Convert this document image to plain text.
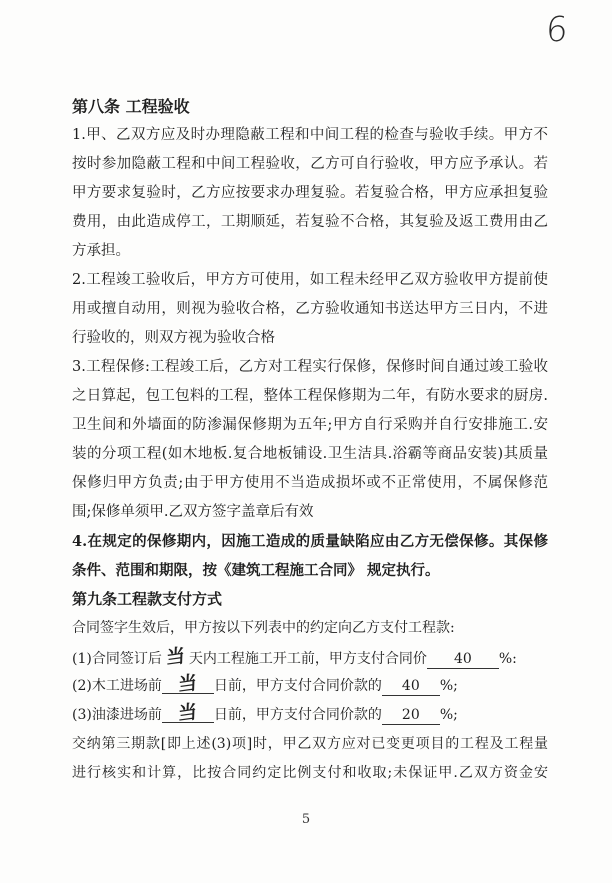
6
第八条 工程验收
1.甲、乙双方应及时办理隐蔽工程和中间工程的检查与验收手续。甲方不
按时参加隐蔽工程和中间工程验收，乙方可自行验收，甲方应予承认。若
甲方要求复验时，乙方应按要求办理复验。若复验合格，甲方应承担复验
费用，由此造成停工，工期顺延，若复验不合格，其复验及返工费用由乙
方承担。
2.工程竣工验收后，甲方方可使用，如工程未经甲乙双方验收甲方提前使
用或擅自动用，则视为验收合格，乙方验收通知书送达甲方三日内，不进
行验收的，则双方视为验收合格
3.工程保修:工程竣工后，乙方对工程实行保修，保修时间自通过竣工验收
之日算起，包工包料的工程，整体工程保修期为二年，有防水要求的厨房.
卫生间和外墙面的防渗漏保修期为五年;甲方自行采购并自行安排施工.安
装的分项工程(如木地板.复合地板铺设.卫生洁具.浴霸等商品安装)其质量
保修归甲方负责;由于甲方使用不当造成损坏或不正常使用，不属保修范
围;保修单须甲.乙双方签字盖章后有效
4.在规定的保修期内，因施工造成的质量缺陷应由乙方无偿保修。其保修
条件、范围和期限，按《建筑工程施工合同》 规定执行。
第九条工程款支付方式
合同签字生效后，甲方按以下列表中的约定向乙方支付工程款:
(1)合同签订后 当 天内工程施工开工前，甲方支付合同价 40 %:
(2)木工进场前 当 日前，甲方支付合同价款的 40 %;
(3)油漆进场前 当 日前，甲方支付合同价款的 20 %;
交纳第三期款[即上述(3)项]时，甲乙双方应对已变更项目的工程及工程量
进行核实和计算，比按合同约定比例支付和收取;未保证甲.乙双方资金安
5
